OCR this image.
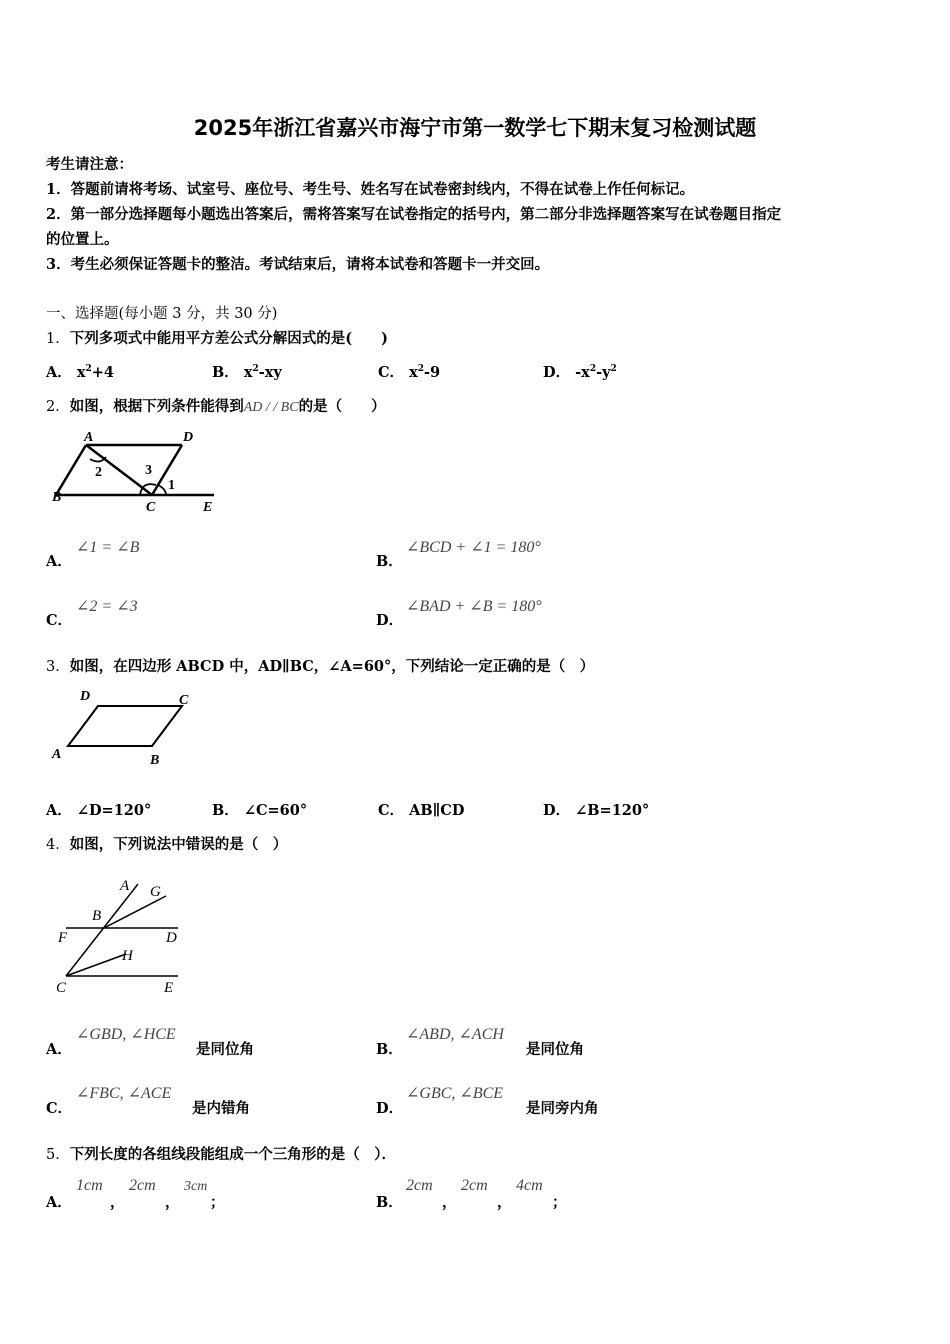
2025年浙江省嘉兴市海宁市第一数学七下期末复习检测试题
考生请注意：
1．答题前请将考场、试室号、座位号、考生号、姓名写在试卷密封线内，不得在试卷上作任何标记。
2．第一部分选择题每小题选出答案后，需将答案写在试卷指定的括号内，第二部分非选择题答案写在试卷题目指定
的位置上。
3．考生必须保证答题卡的整洁。考试结束后，请将本试卷和答题卡一并交回。
一、选择题(每小题 3 分，共 30 分)
1．下列多项式中能用平方差公式分解因式的是(　　)
A． $x^2+4$	B． $x^2-xy$	C． $x^2-9$	D． $-x^2-y^2$
2．如图，根据下列条件能得到AD / / BC的是（　　）
A	D
B
C	E
1
2	3
A．
∠1 = ∠B
B．
∠BCD + ∠1 = 180°
C．
∠2 = ∠3
D．
∠BAD + ∠B = 180°
3．如图，在四边形 ABCD 中，AD∥BC，∠A=60°，下列结论一定正确的是（　）
D	C
A	B
A． ∠D=120°	B． ∠C=60°	C． AB∥CD	D． ∠B=120°
4．如图，下列说法中错误的是（　）
A G
B
F	D
H
C	E
A．
∠GBD, ∠HCE
是同位角	B．
∠ABD, ∠ACH
是同位角
C．
∠FBC, ∠ACE
是内错角	D．
∠GBC, ∠BCE
是同旁内角
5．下列长度的各组线段能组成一个三角形的是（　）．
A．
1cm
，
2cm
，
3cm
；	B．
2cm
，
2cm
，
4cm
；
